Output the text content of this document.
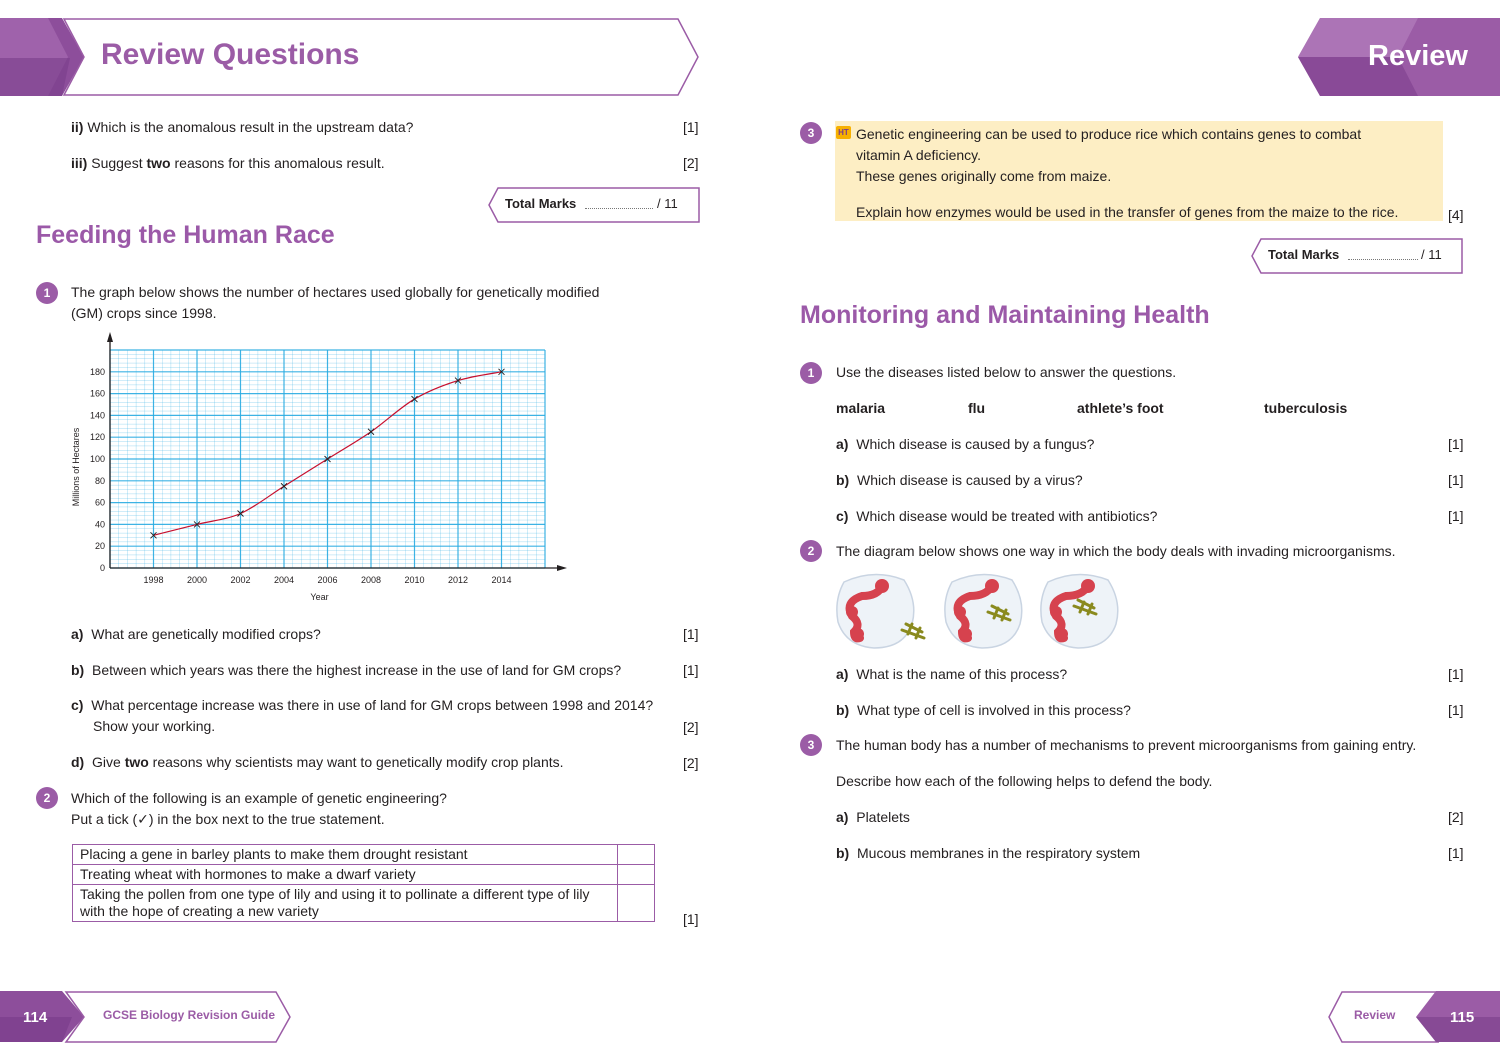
Review Questions
ii) Which is the anomalous result in the upstream data?	[1]
iii) Suggest two reasons for this anomalous result.	[2]
Total Marks	/ 11
Feeding the Human Race
1	The graph below shows the number of hectares used globally for genetically modified
(GM) crops since 1998.
0
20
40
60
80
100
120
140
160
180
1998	2000	2002	2004	2006	2008	2010	2012	2014
Year
Millions of Hectares
a) What are genetically modified crops?	[1]
b) Between which years was there the highest increase in the use of land for GM crops?	[1]
c) What percentage increase was there in use of land for GM crops between 1998 and 2014?
Show your working.	[2]
d) Give two reasons why scientists may want to genetically modify crop plants.	[2]
2	Which of the following is an example of genetic engineering?
Put a tick (✓) in the box next to the true statement.
Placing a gene in barley plants to make them drought resistant	
Treating wheat with hormones to make a dwarf variety	
Taking the pollen from one type of lily and using it to pollinate a different type of lily with the hope of creating a new variety		[1]
114	GCSE Biology Revision Guide
Review
3	HT Genetic engineering can be used to produce rice which contains genes to combat
vitamin A deficiency.
These genes originally come from maize.
Explain how enzymes would be used in the transfer of genes from the maize to the rice.	[4]
Total Marks	/ 11
Monitoring and Maintaining Health
1	Use the diseases listed below to answer the questions.
malaria	flu	athlete’s foot	tuberculosis
a) Which disease is caused by a fungus?	[1]
b) Which disease is caused by a virus?	[1]
c) Which disease would be treated with antibiotics?	[1]
2	The diagram below shows one way in which the body deals with invading microorganisms.
a) What is the name of this process?	[1]
b) What type of cell is involved in this process?	[1]
3	The human body has a number of mechanisms to prevent microorganisms from gaining entry.
Describe how each of the following helps to defend the body.
a) Platelets	[2]
b) Mucous membranes in the respiratory system	[1]
Review	115
